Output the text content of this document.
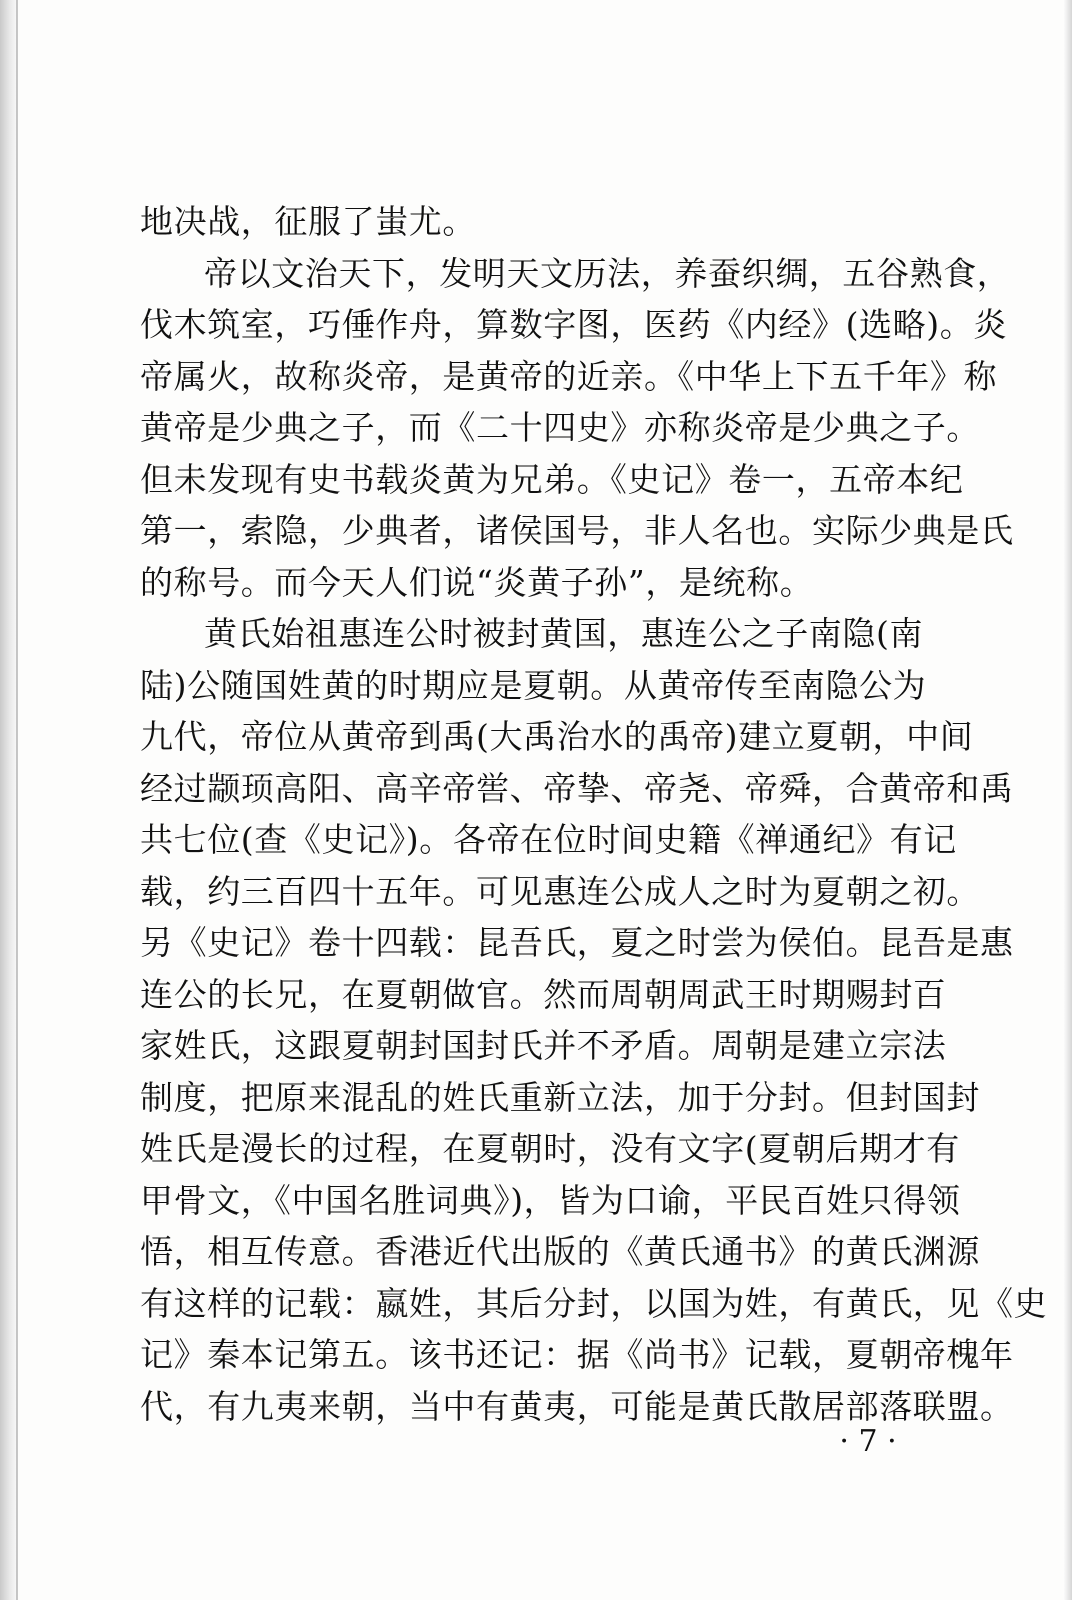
地决战，征服了蚩尤。
帝以文治天下，发明天文历法，养蚕织绸，五谷熟食，
伐木筑室，巧倕作舟，算数字图，医药《内经》(选略)。炎
帝属火，故称炎帝，是黄帝的近亲。《中华上下五千年》称
黄帝是少典之子，而《二十四史》亦称炎帝是少典之子。
但未发现有史书载炎黄为兄弟。《史记》卷一，五帝本纪
第一，索隐，少典者，诸侯国号，非人名也。实际少典是氏
的称号。而今天人们说“炎黄子孙”，是统称。
黄氏始祖惠连公时被封黄国，惠连公之子南隐(南
陆)公随国姓黄的时期应是夏朝。从黄帝传至南隐公为
九代，帝位从黄帝到禹(大禹治水的禹帝)建立夏朝，中间
经过颛顼高阳、高辛帝喾、帝挚、帝尧、帝舜，合黄帝和禹
共七位(查《史记》)。各帝在位时间史籍《禅通纪》有记
载，约三百四十五年。可见惠连公成人之时为夏朝之初。
另《史记》卷十四载：昆吾氏，夏之时尝为侯伯。昆吾是惠
连公的长兄，在夏朝做官。然而周朝周武王时期赐封百
家姓氏，这跟夏朝封国封氏并不矛盾。周朝是建立宗法
制度，把原来混乱的姓氏重新立法，加于分封。但封国封
姓氏是漫长的过程，在夏朝时，没有文字(夏朝后期才有
甲骨文，《中国名胜词典》)，皆为口谕，平民百姓只得领
悟，相互传意。香港近代出版的《黄氏通书》的黄氏渊源
有这样的记载：嬴姓，其后分封，以国为姓，有黄氏，见《史
记》秦本记第五。该书还记：据《尚书》记载，夏朝帝槐年
代，有九夷来朝，当中有黄夷，可能是黄氏散居部落联盟。
· 7 ·
